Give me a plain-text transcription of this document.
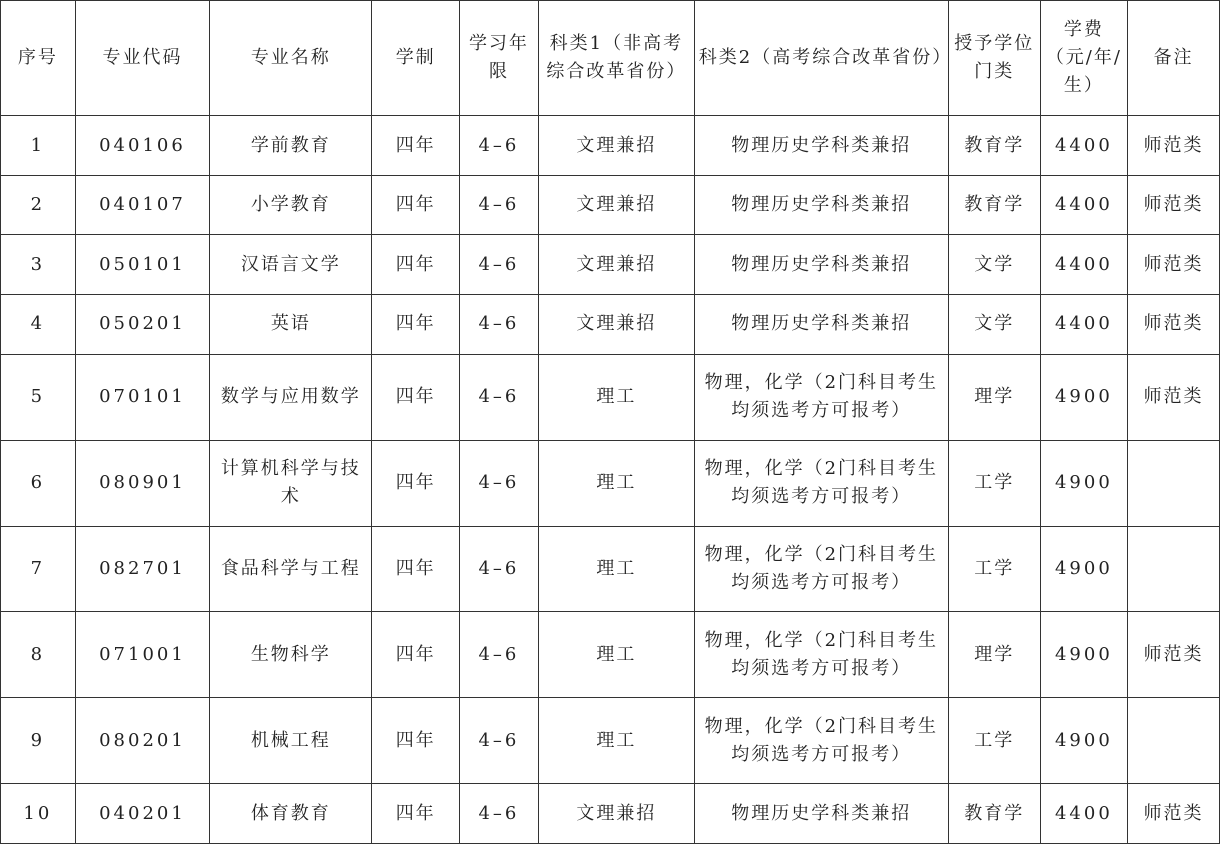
序号	专业代码	专业名称	学制	学习年限	科类1（非高考综合改革省份）	科类2（高考综合改革省份）	授予学位门类	学费（元/年/生）	备注
1	040106	学前教育	四年	4–6	文理兼招	物理历史学科类兼招	教育学	4400	师范类
2	040107	小学教育	四年	4–6	文理兼招	物理历史学科类兼招	教育学	4400	师范类
3	050101	汉语言文学	四年	4–6	文理兼招	物理历史学科类兼招	文学	4400	师范类
4	050201	英语	四年	4–6	文理兼招	物理历史学科类兼招	文学	4400	师范类
5	070101	数学与应用数学	四年	4–6	理工	物理，化学（2门科目考生均须选考方可报考）	理学	4900	师范类
6	080901	计算机科学与技术	四年	4–6	理工	物理，化学（2门科目考生均须选考方可报考）	工学	4900	
7	082701	食品科学与工程	四年	4–6	理工	物理，化学（2门科目考生均须选考方可报考）	工学	4900	
8	071001	生物科学	四年	4–6	理工	物理，化学（2门科目考生均须选考方可报考）	理学	4900	师范类
9	080201	机械工程	四年	4–6	理工	物理，化学（2门科目考生均须选考方可报考）	工学	4900	
10	040201	体育教育	四年	4–6	文理兼招	物理历史学科类兼招	教育学	4400	师范类
